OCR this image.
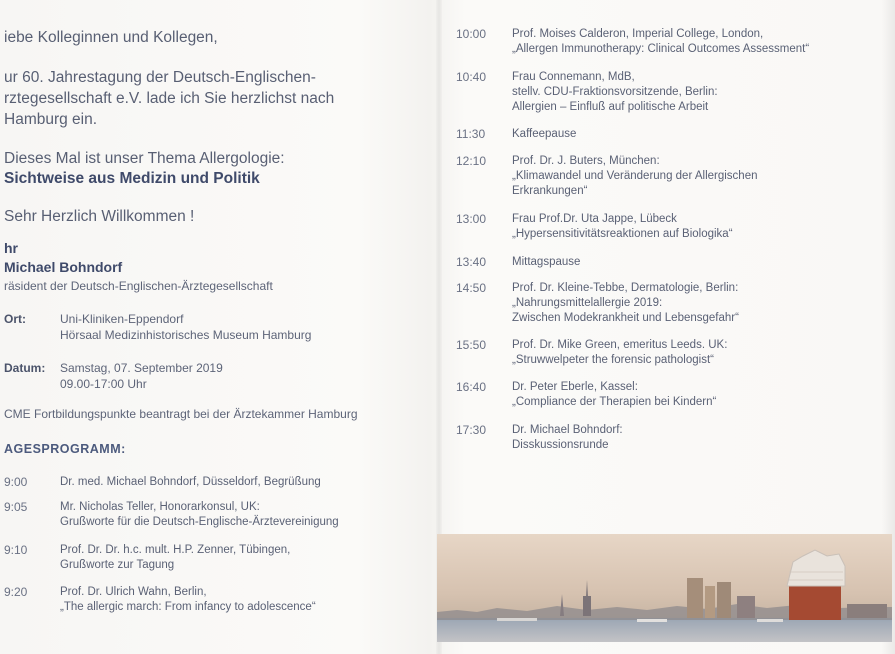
iebe Kolleginnen und Kollegen,
ur 60. Jahrestagung der Deutsch-Englischen-
rztegesellschaft e.V. lade ich Sie herzlichst nach
Hamburg ein.
Dieses Mal ist unser Thema Allergologie:
Sichtweise aus Medizin und Politik
Sehr Herzlich Willkommen !
hr
Michael Bohndorf
räsident der Deutsch-Englischen-Ärztegesellschaft
Ort:	Uni-Kliniken-Eppendorf
Hörsaal Medizinhistorisches Museum Hamburg
Datum: Samstag, 07. September 2019
09.00-17:00 Uhr
CME Fortbildungspunkte beantragt bei der Ärztekammer Hamburg
AGESPROGRAMM:
9:00	Dr. med. Michael Bohndorf, Düsseldorf, Begrüßung
9:05	Mr. Nicholas Teller, Honorarkonsul, UK:
Grußworte für die Deutsch-Englische-Ärztevereinigung
9:10	Prof. Dr. Dr. h.c. mult. H.P. Zenner, Tübingen,
Grußworte zur Tagung
9:20	Prof. Dr. Ulrich Wahn, Berlin,
„The allergic march: From infancy to adolescence“
10:00 Prof. Moises Calderon, Imperial College, London,
„Allergen Immunotherapy: Clinical Outcomes Assessment“
10:40 Frau Connemann, MdB,
stellv. CDU-Fraktionsvorsitzende, Berlin:
Allergien – Einfluß auf politische Arbeit
11:30 Kaffeepause
12:10 Prof. Dr. J. Buters, München:
„Klimawandel und Veränderung der Allergischen
Erkrankungen“
13:00 Frau Prof.Dr. Uta Jappe, Lübeck
„Hypersensitivitätsreaktionen auf Biologika“
13:40 Mittagspause
14:50 Prof. Dr. Kleine-Tebbe, Dermatologie, Berlin:
„Nahrungsmittelallergie 2019:
Zwischen Modekrankheit und Lebensgefahr“
15:50 Prof. Dr. Mike Green, emeritus Leeds. UK:
„Struwwelpeter the forensic pathologist“
16:40 Dr. Peter Eberle, Kassel:
„Compliance der Therapien bei Kindern“
17:30 Dr. Michael Bohndorf:
Disskussionsrunde
